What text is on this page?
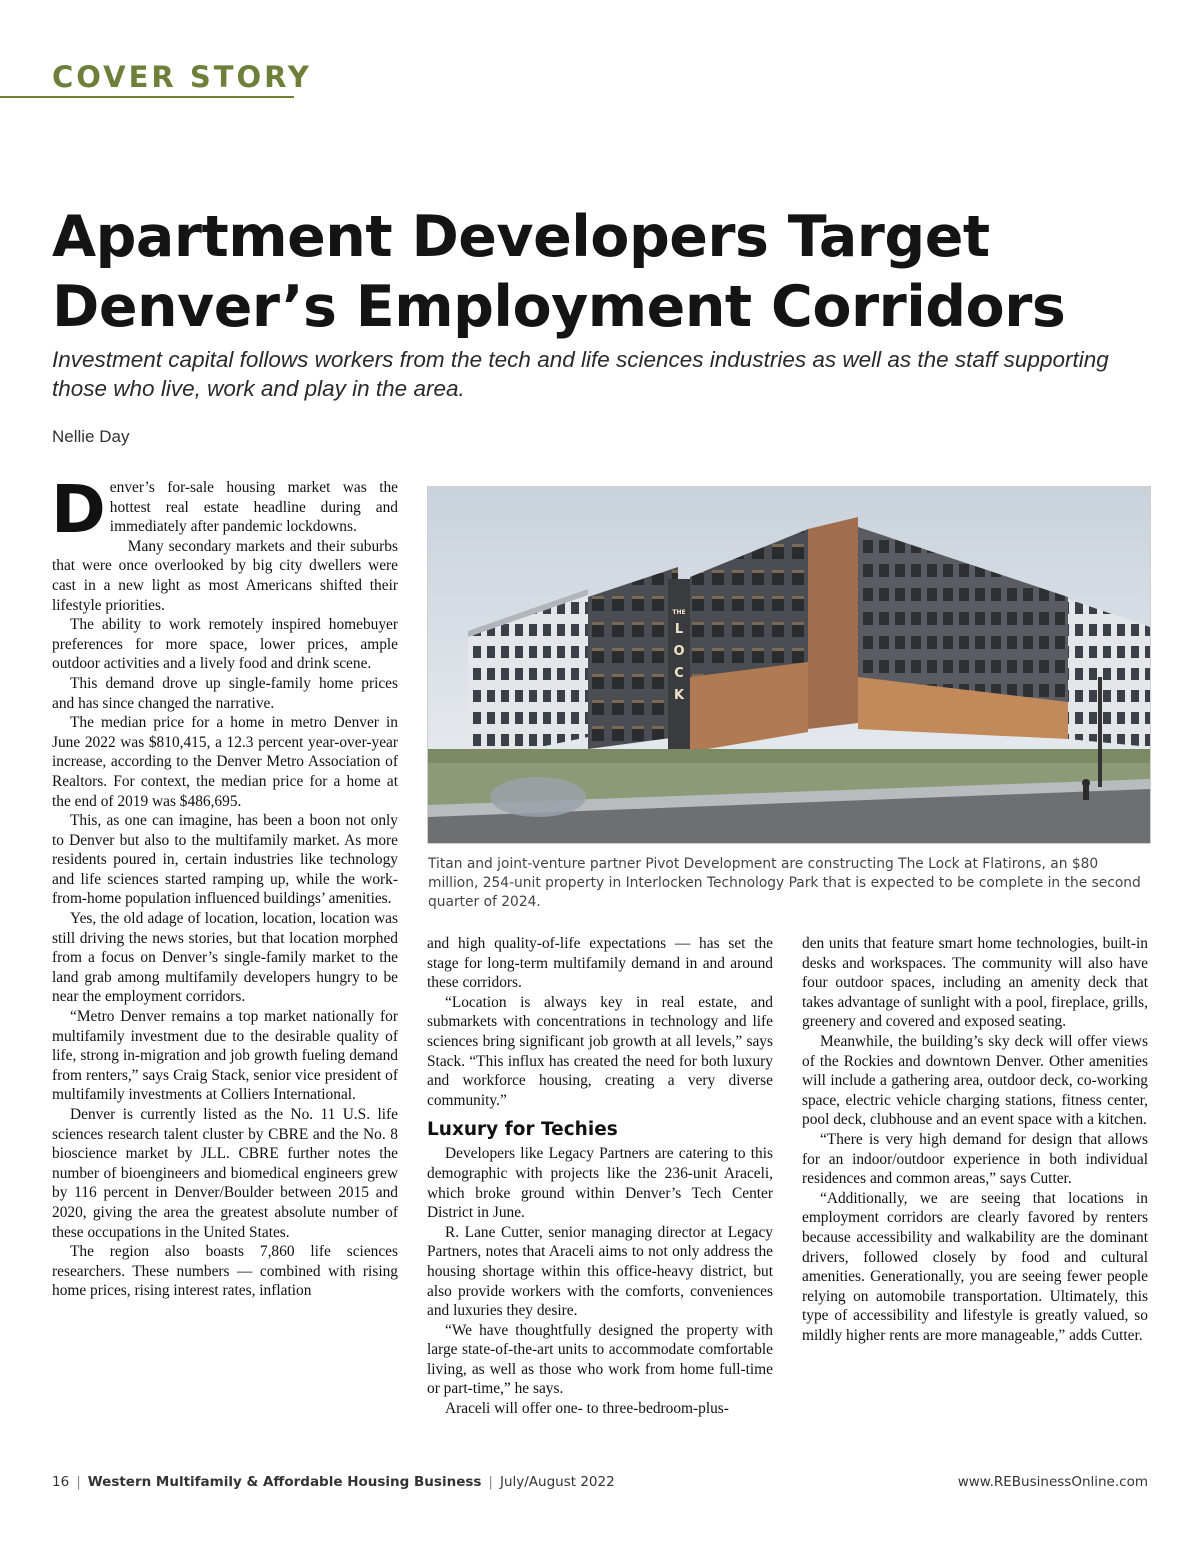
COVER STORY
Apartment Developers Target
Denver’s Employment Corridors

Investment capital follows workers from the tech and life sciences industries as well as the staff supporting those who live, work and play in the area.

Nellie Day

Denver’s for-sale housing market was the hottest real estate headline during and immediately after pandemic lockdowns.

Many secondary markets and their suburbs that were once overlooked by big city dwellers were cast in a new light as most Americans shifted their lifestyle priorities.

The ability to work remotely inspired homebuyer preferences for more space, lower prices, ample outdoor activities and a lively food and drink scene.

This demand drove up single-family home prices and has since changed the narrative.

The median price for a home in metro Denver in June 2022 was $810,415, a 12.3 percent year-over-year increase, according to the Denver Metro Association of Realtors. For context, the median price for a home at the end of 2019 was $486,695.

This, as one can imagine, has been a boon not only to Denver but also to the multifamily market. As more residents poured in, certain industries like technology and life sciences started ramping up, while the work-from-home population influenced buildings’ amenities.

Yes, the old adage of location, location, location was still driving the news stories, but that location morphed from a focus on Denver’s single-family market to the land grab among multifamily developers hungry to be near the employment corridors.

“Metro Denver remains a top market nationally for multifamily investment due to the desirable quality of life, strong in-migration and job growth fueling demand from renters,” says Craig Stack, senior vice president of multifamily investments at Colliers International.

Denver is currently listed as the No. 11 U.S. life sciences research talent cluster by CBRE and the No. 8 bioscience market by JLL. CBRE further notes the number of bioengineers and biomedical engineers grew by 116 percent in Denver/Boulder between 2015 and 2020, giving the area the greatest absolute number of these occupations in the United States.

The region also boasts 7,860 life sciences researchers. These numbers — combined with rising home prices, rising interest rates, inflation

THE
L
O
C
K
Titan and joint-venture partner Pivot Development are constructing The Lock at Flatirons, an $80 million, 254-unit property in Interlocken Technology Park that is expected to be complete in the second quarter of 2024.

and high quality-of-life expectations — has set the stage for long-term multifamily demand in and around these corridors.

“Location is always key in real estate, and submarkets with concentrations in technology and life sciences bring significant job growth at all levels,” says Stack. “This influx has created the need for both luxury and workforce housing, creating a very diverse community.”

Luxury for Techies

Developers like Legacy Partners are catering to this demographic with projects like the 236-unit Araceli, which broke ground within Denver’s Tech Center District in June.

R. Lane Cutter, senior managing director at Legacy Partners, notes that Araceli aims to not only address the housing shortage within this office-heavy district, but also provide workers with the comforts, conveniences and luxuries they desire.

“We have thoughtfully designed the property with large state-of-the-art units to accommodate comfortable living, as well as those who work from home full-time or part-time,” he says.

Araceli will offer one- to three-bedroom-plus-

den units that feature smart home technologies, built-in desks and workspaces. The community will also have four outdoor spaces, including an amenity deck that takes advantage of sunlight with a pool, fireplace, grills, greenery and covered and exposed seating.

Meanwhile, the building’s sky deck will offer views of the Rockies and downtown Denver. Other amenities will include a gathering area, outdoor deck, co-working space, electric vehicle charging stations, fitness center, pool deck, clubhouse and an event space with a kitchen.

“There is very high demand for design that allows for an indoor/outdoor experience in both individual residences and common areas,” says Cutter.

“Additionally, we are seeing that locations in employment corridors are clearly favored by renters because accessibility and walkability are the dominant drivers, followed closely by food and cultural amenities. Generationally, you are seeing fewer people relying on automobile transportation. Ultimately, this type of accessibility and lifestyle is greatly valued, so mildly higher rents are more manageable,” adds Cutter.

16 | Western Multifamily & Affordable Housing Business | July/August 2022	www.REBusinessOnline.com
